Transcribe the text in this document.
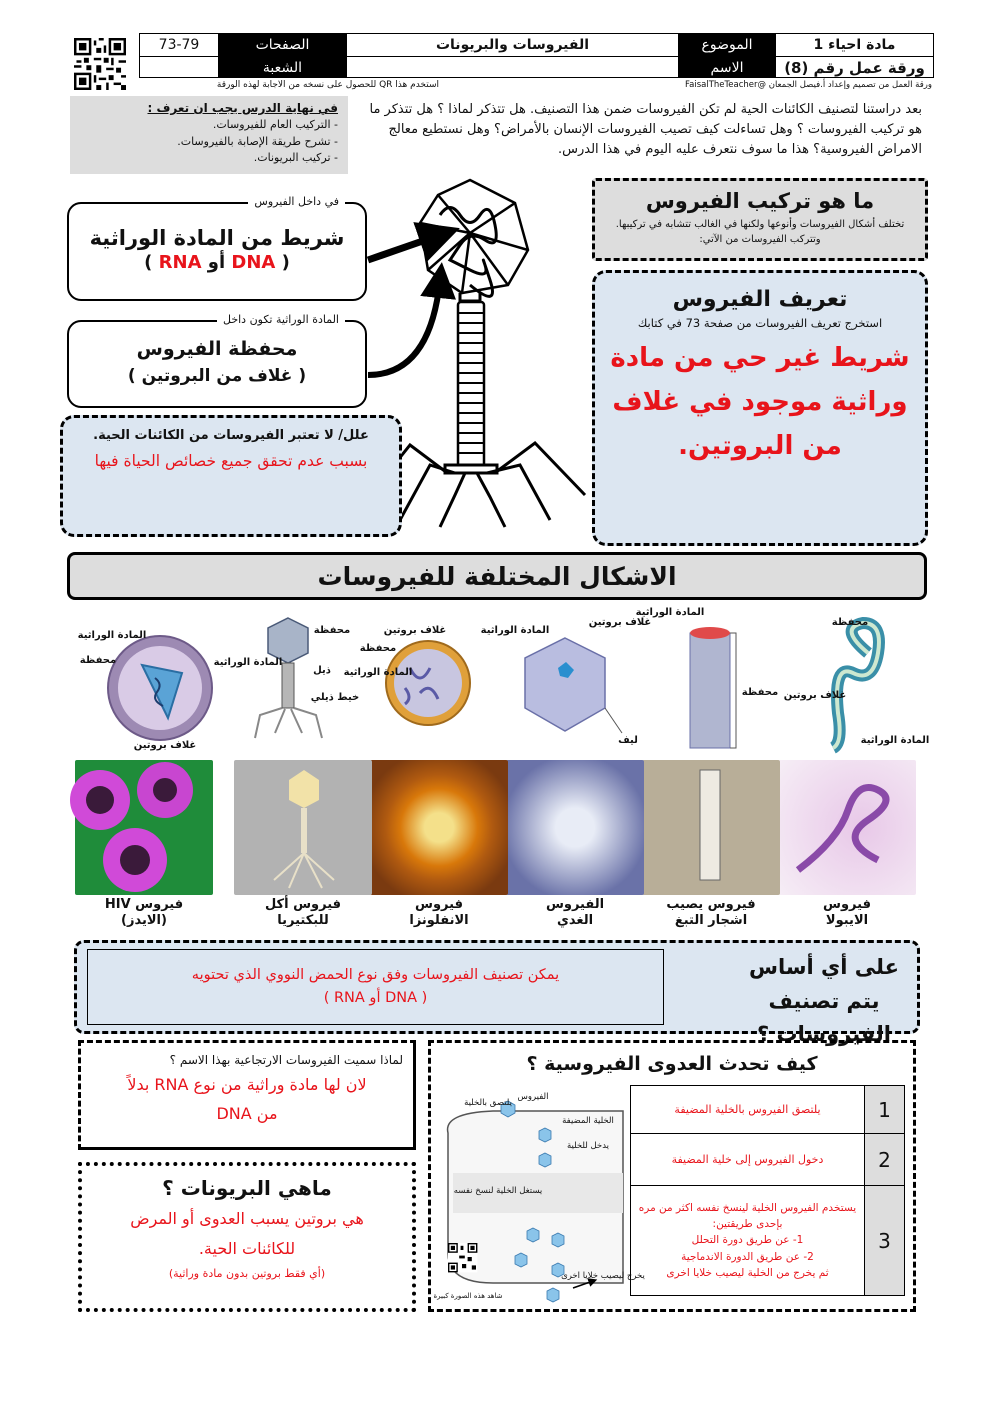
73-79	الصفحات	الفيروسات والبريونات	الموضوع	مادة احياء 1
الشعبة	الاسم	ورقة عمل رقم (8)
استخدم هذا QR للحصول على نسخه من الاجابة لهذه الورقة	ورقة العمل من تصميم وإعداد أ.فيصل الجمعان @FaisalTheTeacher
في نهاية الدرس يجب ان تعرف :
- التركيب العام للفيروسات.
- تشرح طريقة الإصابة بالفيروسات.
- تركيب البريونات.
بعد دراستنا لتصنيف الكائنات الحية لم تكن الفيروسات ضمن هذا التصنيف. هل تتذكر لماذا ؟ هل تتذكر ما هو تركيب الفيروسات ؟ وهل تساءلت كيف تصيب الفيروسات الإنسان بالأمراض؟ وهل نستطيع معالج الامراض الفيروسية؟ هذا ما سوف نتعرف عليه اليوم في هذا الدرس.
ما هو تركيب الفيروس
تختلف أشكال الفيروسات وأنوعها ولكنها في الغالب تتشابه في تركيبها. وتتركب الفيروسات من الآتي:
في داخل الفيروس
شريط من المادة الوراثية
( DNA أو RNA )
المادة الوراثية تكون داخل
محفظة الفيروس
( غلاف من البروتين )
تعريف الفيروس
استخرج تعريف الفيروسات من صفحة 73 في كتابك
شريط غير حي من مادة وراثية موجود في غلاف من البروتين.
علل/ لا تعتبر الفيروسات من الكائنات الحية.
بسبب عدم تحقق جميع خصائص الحياة فيها
الاشكال المختلفة للفيروسات
المادة الوراثية
محفظة
غلاف بروتين
محفظة
المادة الوراثية
ذيل
خيط ذيلي
غلاف بروتين
محفظة
المادة الوراثية
غلاف بروتين
المادة الوراثية
ليف
المادة الوراثية
محفظة
محفظة
غلاف بروتين
المادة الوراثية
فيروس
الايبولا
فيروس يصيب
اشجار التبغ
الفيروس
الغدي
فيروس
الانفلونزا
فيروس أكل
للبكتيريا
فيروس HIV
(الايدز)
على أي أساس يتم تصنيف الفيروسات ؟
يمكن تصنيف الفيروسات وفق نوع الحمض النووي الذي تحتويه
( DNA أو RNA )
لماذا سميت الفيروسات الارتجاعية بهذا الاسم ؟
لان لها مادة وراثية من نوع RNA بدلاً من DNA
ماهي البريونات ؟
هي بروتين يسبب العدوى أو المرض للكائنات الحية.
(أي فقط بروتين بدون مادة وراثية)
كيف تحدث العدوى الفيروسية ؟
1	يلتصق الفيروس بالخلية المضيفة
2	دخول الفيروس إلى خلية المضيفة
3	يستخدم الفيروس الخلية لينسخ نفسه اكثر من مره بإحدى طريقتين:
1- عن طريق دورة التحلل
2- عن طريق الدورة الاندماجية
ثم يخرج من الخلية ليصيب خلايا اخرى
يلتصق بالخلية
الفيروس
الخلية المضيفة
يدخل للخلية
يستغل الخلية لنسخ نفسه
يخرج ليصيب خلايا اخرى
شاهد هذه الصورة كبيرة
